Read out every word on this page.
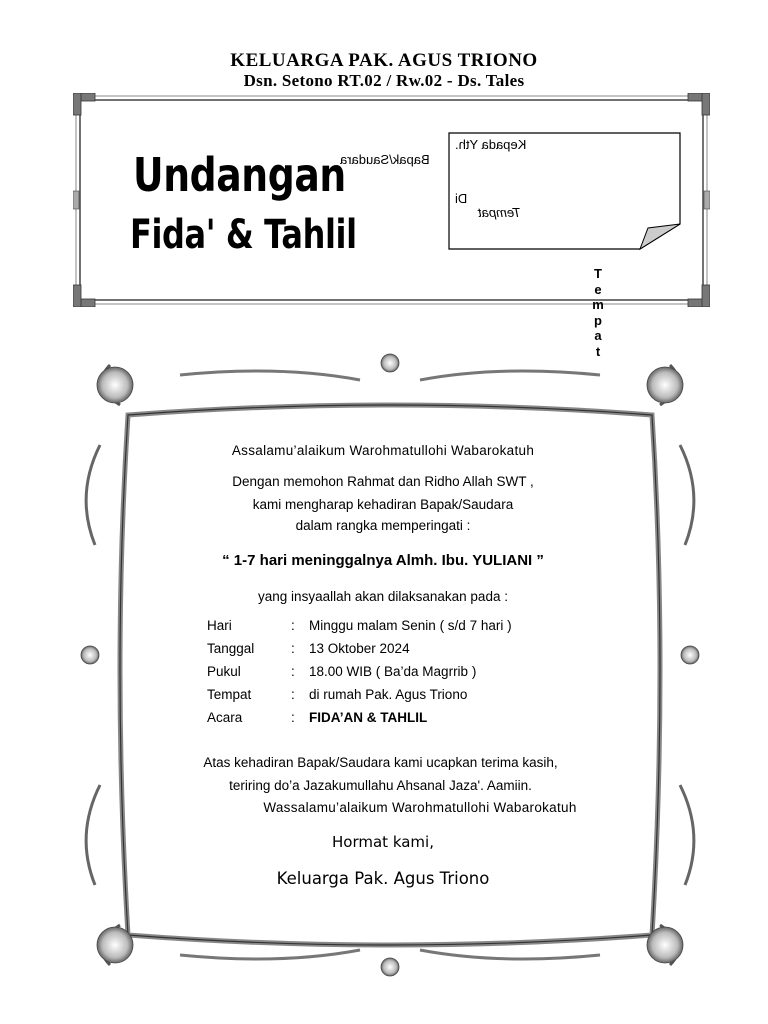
KELUARGA PAK. AGUS TRIONO
Dsn. Setono RT.02 / Rw.02 - Ds. Tales
Undangan
Fida' & Tahlil
Bapak/Saudara
Kepada Yth.
Di
Tempat
T
e
m
p
a
t
Assalamu’alaikum Warohmatullohi Wabarokatuh
Dengan memohon Rahmat dan Ridho Allah SWT ,
kami mengharap kehadiran Bapak/Saudara
dalam rangka memperingati :
“ 1-7 hari meninggalnya Almh. Ibu. YULIANI ”
yang insyaallah akan dilaksanakan pada :
Hari	:	Minggu malam Senin ( s/d 7 hari )
Tanggal	:	13 Oktober 2024
Pukul	:	18.00 WIB ( Ba’da Magrrib )
Tempat	:	di rumah Pak. Agus Triono
Acara	:	FIDA’AN & TAHLIL
Atas kehadiran Bapak/Saudara kami ucapkan terima kasih,
teriring do’a Jazakumullahu Ahsanal Jaza'. Aamiin.
Wassalamu’alaikum Warohmatullohi Wabarokatuh
Hormat kami,
Keluarga Pak. Agus Triono
